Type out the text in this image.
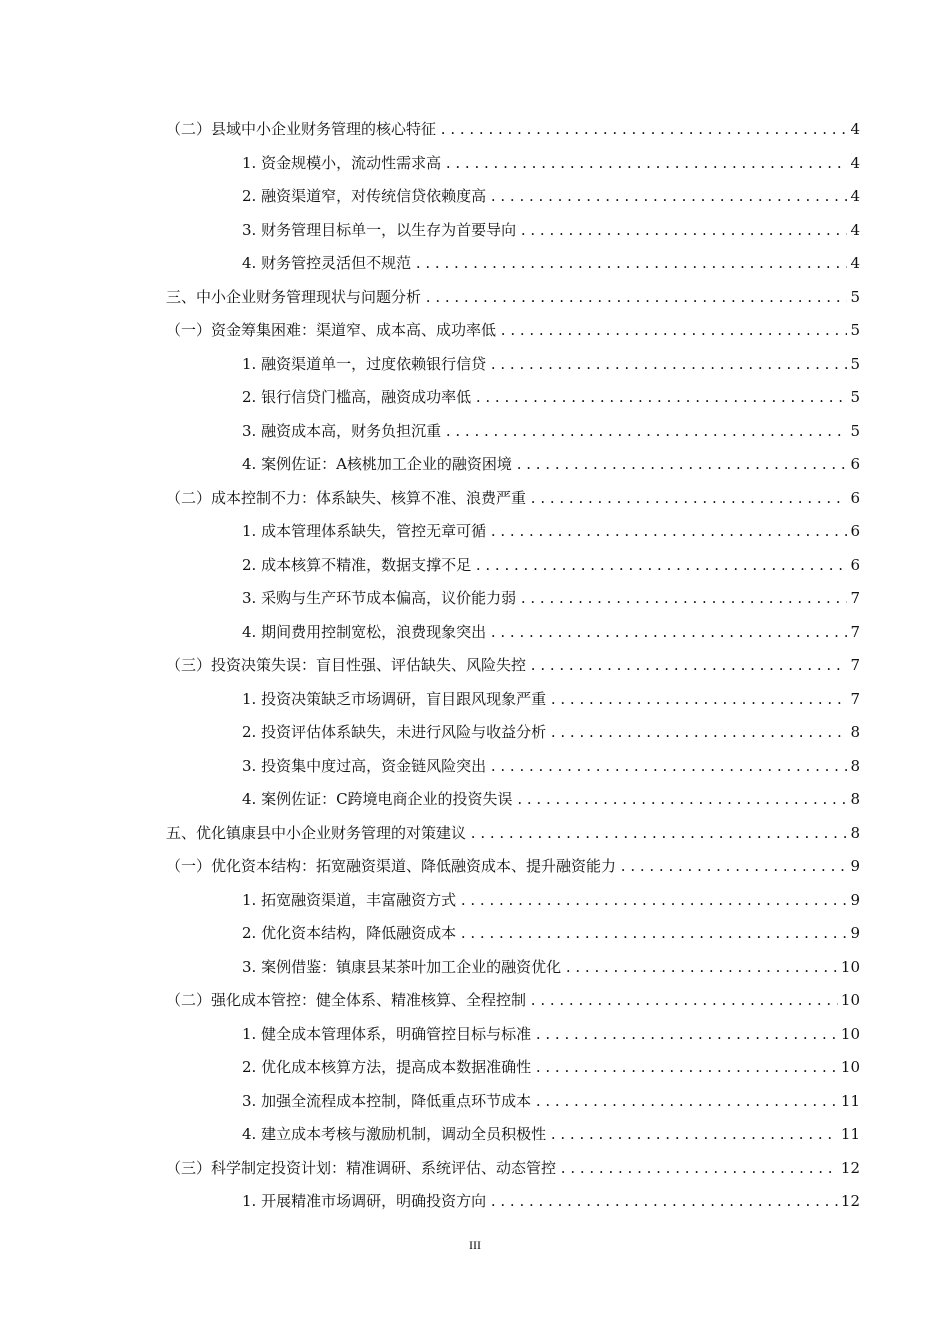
（二）县域中小企业财务管理的核心特征 . . .	4
1. 资金规模小，流动性需求高 . . .	4
2. 融资渠道窄，对传统信贷依赖度高 . . .	4
3. 财务管理目标单一，以生存为首要导向 . . .	4
4. 财务管控灵活但不规范 . . .	4
三、中小企业财务管理现状与问题分析 . . .	5
（一）资金筹集困难：渠道窄、成本高、成功率低 . . .	5
1. 融资渠道单一，过度依赖银行信贷 . . .	5
2. 银行信贷门槛高，融资成功率低 . . .	5
3. 融资成本高，财务负担沉重 . . .	5
4. 案例佐证：A核桃加工企业的融资困境 . . .	6
（二）成本控制不力：体系缺失、核算不准、浪费严重 . . .	6
1. 成本管理体系缺失，管控无章可循 . . .	6
2. 成本核算不精准，数据支撑不足 . . .	6
3. 采购与生产环节成本偏高，议价能力弱 . . .	7
4. 期间费用控制宽松，浪费现象突出 . . .	7
（三）投资决策失误：盲目性强、评估缺失、风险失控 . . .	7
1. 投资决策缺乏市场调研，盲目跟风现象严重 . . .	7
2. 投资评估体系缺失，未进行风险与收益分析 . . .	8
3. 投资集中度过高，资金链风险突出 . . .	8
4. 案例佐证：C跨境电商企业的投资失误 . . .	8
五、优化镇康县中小企业财务管理的对策建议 . . .	8
（一）优化资本结构：拓宽融资渠道、降低融资成本、提升融资能力 . . .	9
1. 拓宽融资渠道，丰富融资方式 . . .	9
2. 优化资本结构，降低融资成本 . . .	9
3. 案例借鉴：镇康县某茶叶加工企业的融资优化 . . .	10
（二）强化成本管控：健全体系、精准核算、全程控制 . . .	10
1. 健全成本管理体系，明确管控目标与标准 . . .	10
2. 优化成本核算方法，提高成本数据准确性 . . .	10
3. 加强全流程成本控制，降低重点环节成本 . . .	11
4. 建立成本考核与激励机制，调动全员积极性 . . .	11
（三）科学制定投资计划：精准调研、系统评估、动态管控 . . .	12
1. 开展精准市场调研，明确投资方向 . . .	12
III
